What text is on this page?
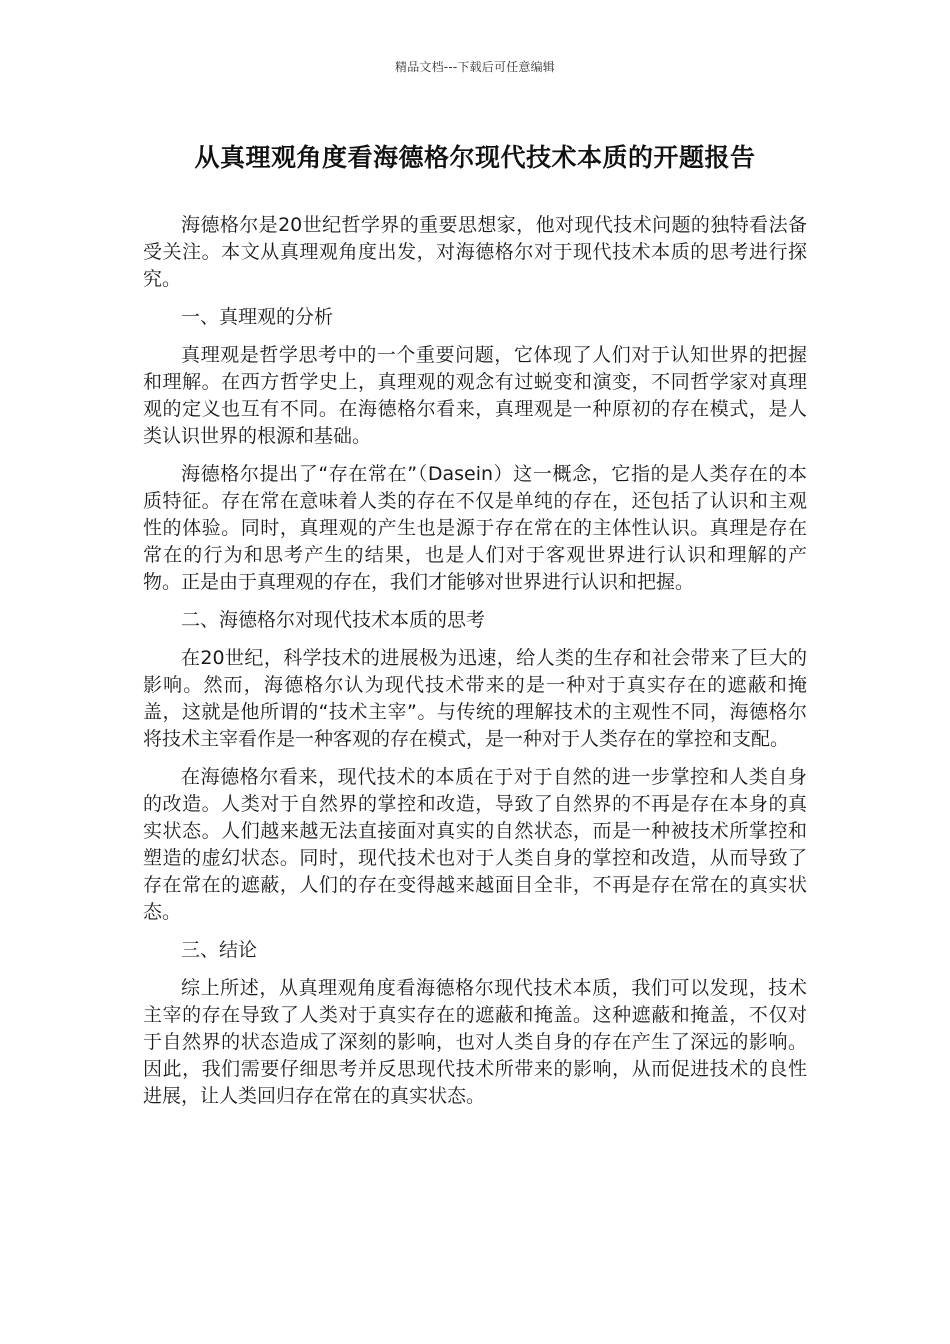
精品文档---下载后可任意编辑
从真理观角度看海德格尔现代技术本质的开题报告

海德格尔是20世纪哲学界的重要思想家，他对现代技术问题的独特看法备受关注。本文从真理观角度出发，对海德格尔对于现代技术本质的思考进行探究。

一、真理观的分析

真理观是哲学思考中的一个重要问题，它体现了人们对于认知世界的把握和理解。在西方哲学史上，真理观的观念有过蜕变和演变，不同哲学家对真理观的定义也互有不同。在海德格尔看来，真理观是一种原初的存在模式，是人类认识世界的根源和基础。

海德格尔提出了“存在常在”（Dasein）这一概念，它指的是人类存在的本质特征。存在常在意味着人类的存在不仅是单纯的存在，还包括了认识和主观性的体验。同时，真理观的产生也是源于存在常在的主体性认识。真理是存在常在的行为和思考产生的结果，也是人们对于客观世界进行认识和理解的产物。正是由于真理观的存在，我们才能够对世界进行认识和把握。

二、海德格尔对现代技术本质的思考

在20世纪，科学技术的进展极为迅速，给人类的生存和社会带来了巨大的影响。然而，海德格尔认为现代技术带来的是一种对于真实存在的遮蔽和掩盖，这就是他所谓的“技术主宰”。与传统的理解技术的主观性不同，海德格尔将技术主宰看作是一种客观的存在模式，是一种对于人类存在的掌控和支配。

在海德格尔看来，现代技术的本质在于对于自然的进一步掌控和人类自身的改造。人类对于自然界的掌控和改造，导致了自然界的不再是存在本身的真实状态。人们越来越无法直接面对真实的自然状态，而是一种被技术所掌控和塑造的虚幻状态。同时，现代技术也对于人类自身的掌控和改造，从而导致了存在常在的遮蔽，人们的存在变得越来越面目全非，不再是存在常在的真实状态。

三、结论

综上所述，从真理观角度看海德格尔现代技术本质，我们可以发现，技术主宰的存在导致了人类对于真实存在的遮蔽和掩盖。这种遮蔽和掩盖，不仅对于自然界的状态造成了深刻的影响，也对人类自身的存在产生了深远的影响。因此，我们需要仔细思考并反思现代技术所带来的影响，从而促进技术的良性进展，让人类回归存在常在的真实状态。
